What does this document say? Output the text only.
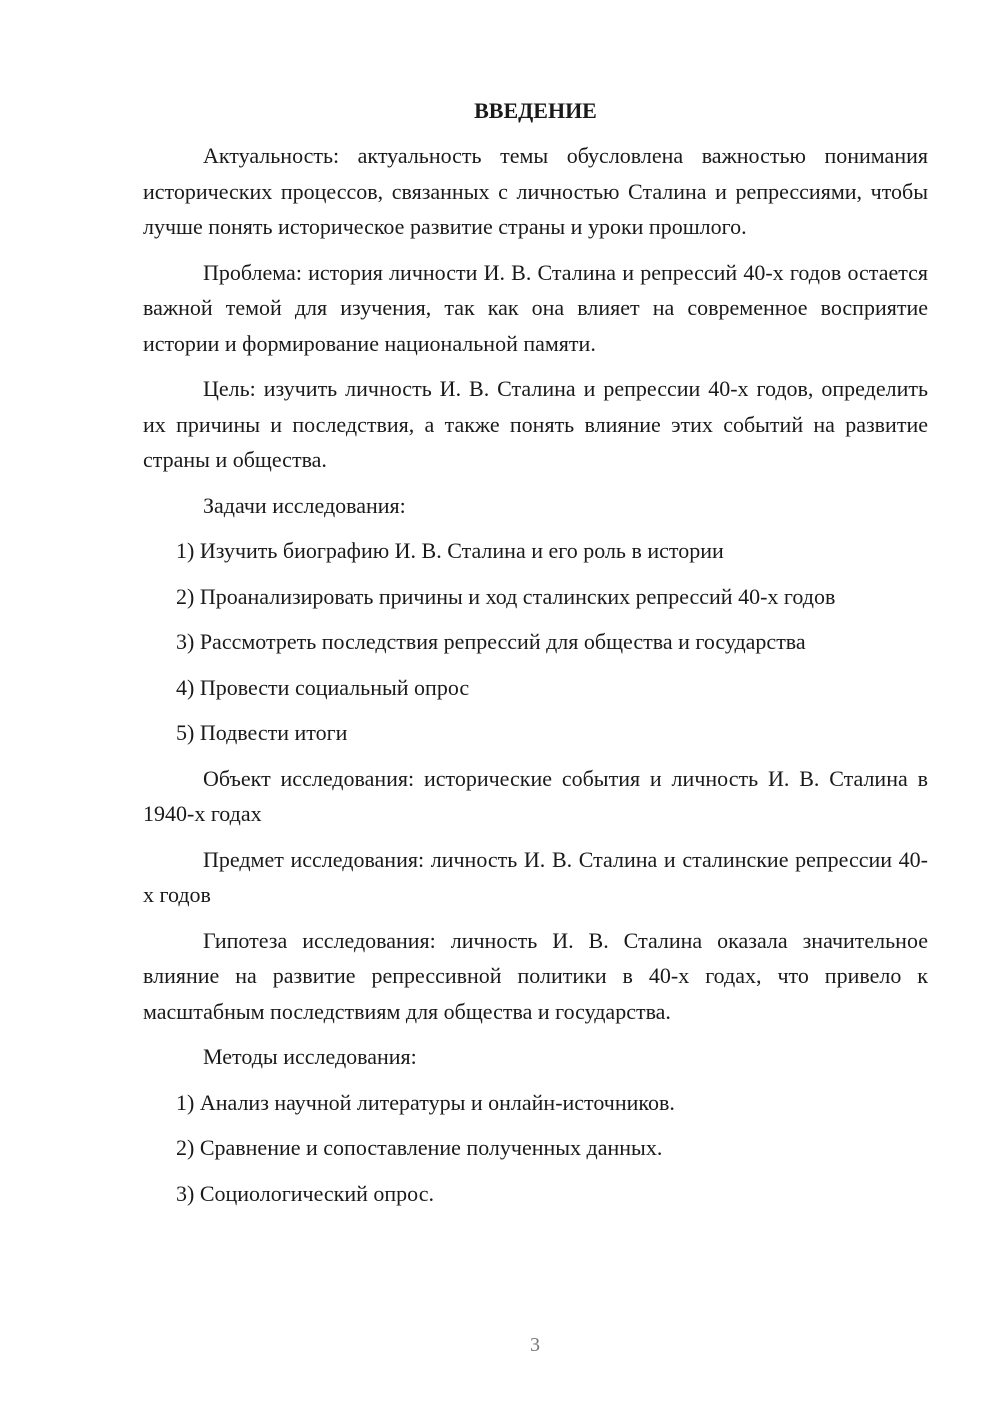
ВВЕДЕНИЕ

Актуальность: актуальность темы обусловлена важностью понимания исторических процессов, связанных с личностью Сталина и репрессиями, чтобы лучше понять историческое развитие страны и уроки прошлого.

Проблема: история личности И. В. Сталина и репрессий 40-х годов остается важной темой для изучения, так как она влияет на современное восприятие истории и формирование национальной памяти.

Цель: изучить личность И. В. Сталина и репрессии 40-х годов, определить их причины и последствия, а также понять влияние этих событий на развитие страны и общества.

Задачи исследования:

1) Изучить биографию И. В. Сталина и его роль в истории
2) Проанализировать причины и ход сталинских репрессий 40-х годов
3) Рассмотреть последствия репрессий для общества и государства
4) Провести социальный опрос
5) Подвести итоги

Объект исследования: исторические события и личность И. В. Сталина в 1940-х годах

Предмет исследования: личность И. В. Сталина и сталинские репрессии 40-х годов

Гипотеза исследования: личность И. В. Сталина оказала значительное влияние на развитие репрессивной политики в 40-х годах, что привело к масштабным последствиям для общества и государства.

Методы исследования:

1) Анализ научной литературы и онлайн-источников.
2) Сравнение и сопоставление полученных данных.
3) Социологический опрос.
3
